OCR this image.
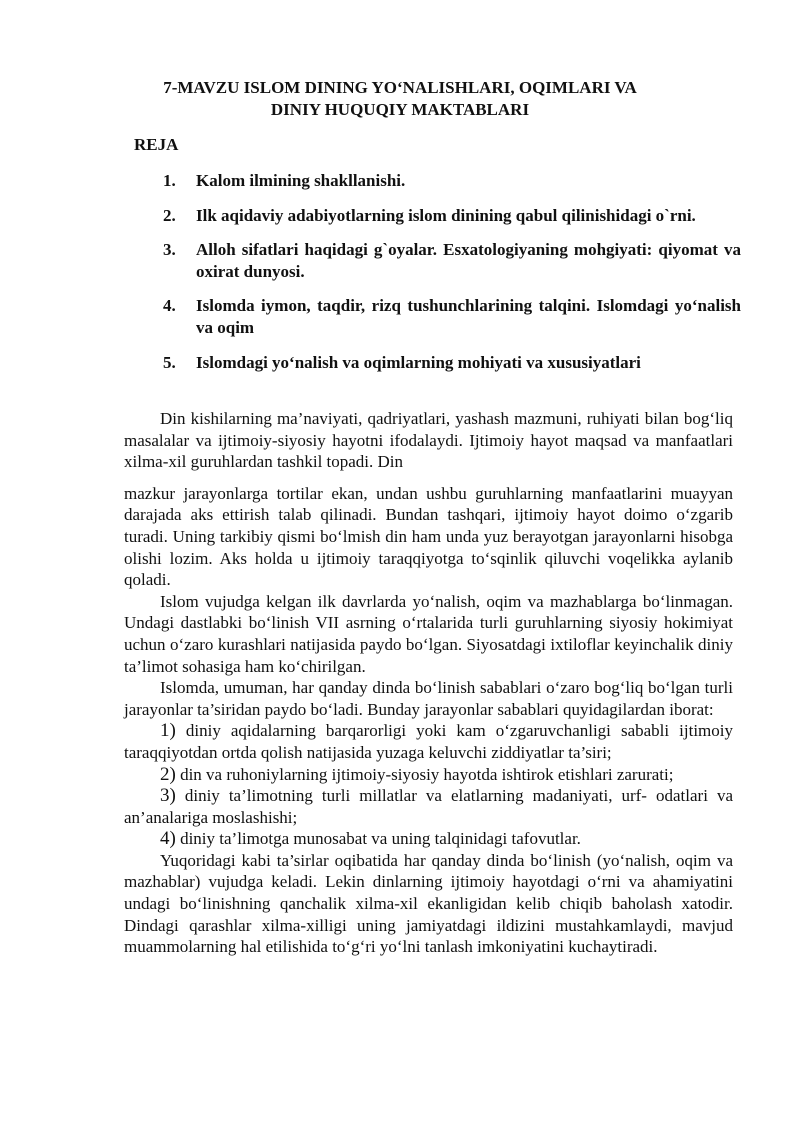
7-MAVZU ISLOM DINING YO‘NALISHLARI, OQIMLARI VA
DINIY HUQUQIY MAKTABLARI
REJA
1.	Kalom ilmining shakllanishi.
2.	Ilk aqidaviy adabiyotlarning islom dinining qabul qilinishidagi o`rni.
3.	Alloh sifatlari haqidagi g`oyalar. Esxatologiyaning mohgiyati: qiyomat va oxirat dunyosi.
4.	Islomda iymon, taqdir, rizq tushunchlarining talqini. Islomdagi yo‘nalish va oqim
5.	Islomdagi yo‘nalish va oqimlarning mohiyati va xususiyatlari

Din kishilarning ma’naviyati, qadriyatlari, yashash mazmuni, ruhiyati bilan bog‘liq masalalar va ijtimoiy-siyosiy hayotni ifodalaydi. Ijtimoiy hayot maqsad va manfaatlari xilma-xil guruhlardan tashkil topadi. Din

mazkur jarayonlarga tortilar ekan, undan ushbu guruhlarning manfaatlarini muayyan darajada aks ettirish talab qilinadi. Bundan tashqari, ijtimoiy hayot doimo o‘zgarib turadi. Uning tarkibiy qismi bo‘lmish din ham unda yuz berayotgan jarayonlarni hisobga olishi lozim. Aks holda u ijtimoiy taraqqiyotga to‘sqinlik qiluvchi voqelikka aylanib qoladi.

Islom vujudga kelgan ilk davrlarda yo‘nalish, oqim va mazhablarga bo‘linmagan. Undagi dastlabki bo‘linish VII asrning o‘rtalarida turli guruhlarning siyosiy hokimiyat uchun o‘zaro kurashlari natijasida paydo bo‘lgan. Siyosatdagi ixtiloflar keyinchalik diniy ta’limot sohasiga ham ko‘chirilgan.

Islomda, umuman, har qanday dinda bo‘linish sabablari o‘zaro bog‘liq bo‘lgan turli jarayonlar ta’siridan paydo bo‘ladi. Bunday jarayonlar sabablari quyidagilardan iborat:

1) diniy aqidalarning barqarorligi yoki kam o‘zgaruvchanligi sababli ijtimoiy taraqqiyotdan ortda qolish natijasida yuzaga keluvchi ziddiyatlar ta’siri;

2) din va ruhoniylarning ijtimoiy-siyosiy hayotda ishtirok etishlari zarurati;

3) diniy ta’limotning turli millatlar va elatlarning madaniyati, urf- odatlari va an’analariga moslashishi;

4) diniy ta’limotga munosabat va uning talqinidagi tafovutlar.

Yuqoridagi kabi ta’sirlar oqibatida har qanday dinda bo‘linish (yo‘nalish, oqim va mazhablar) vujudga keladi. Lekin dinlarning ijtimoiy hayotdagi o‘rni va ahamiyatini undagi bo‘linishning qanchalik xilma-xil ekanligidan kelib chiqib baholash xatodir. Dindagi qarashlar xilma-xilligi uning jamiyatdagi ildizini mustahkamlaydi, mavjud muammolarning hal etilishida to‘g‘ri yo‘lni tanlash imkoniyatini kuchaytiradi.
